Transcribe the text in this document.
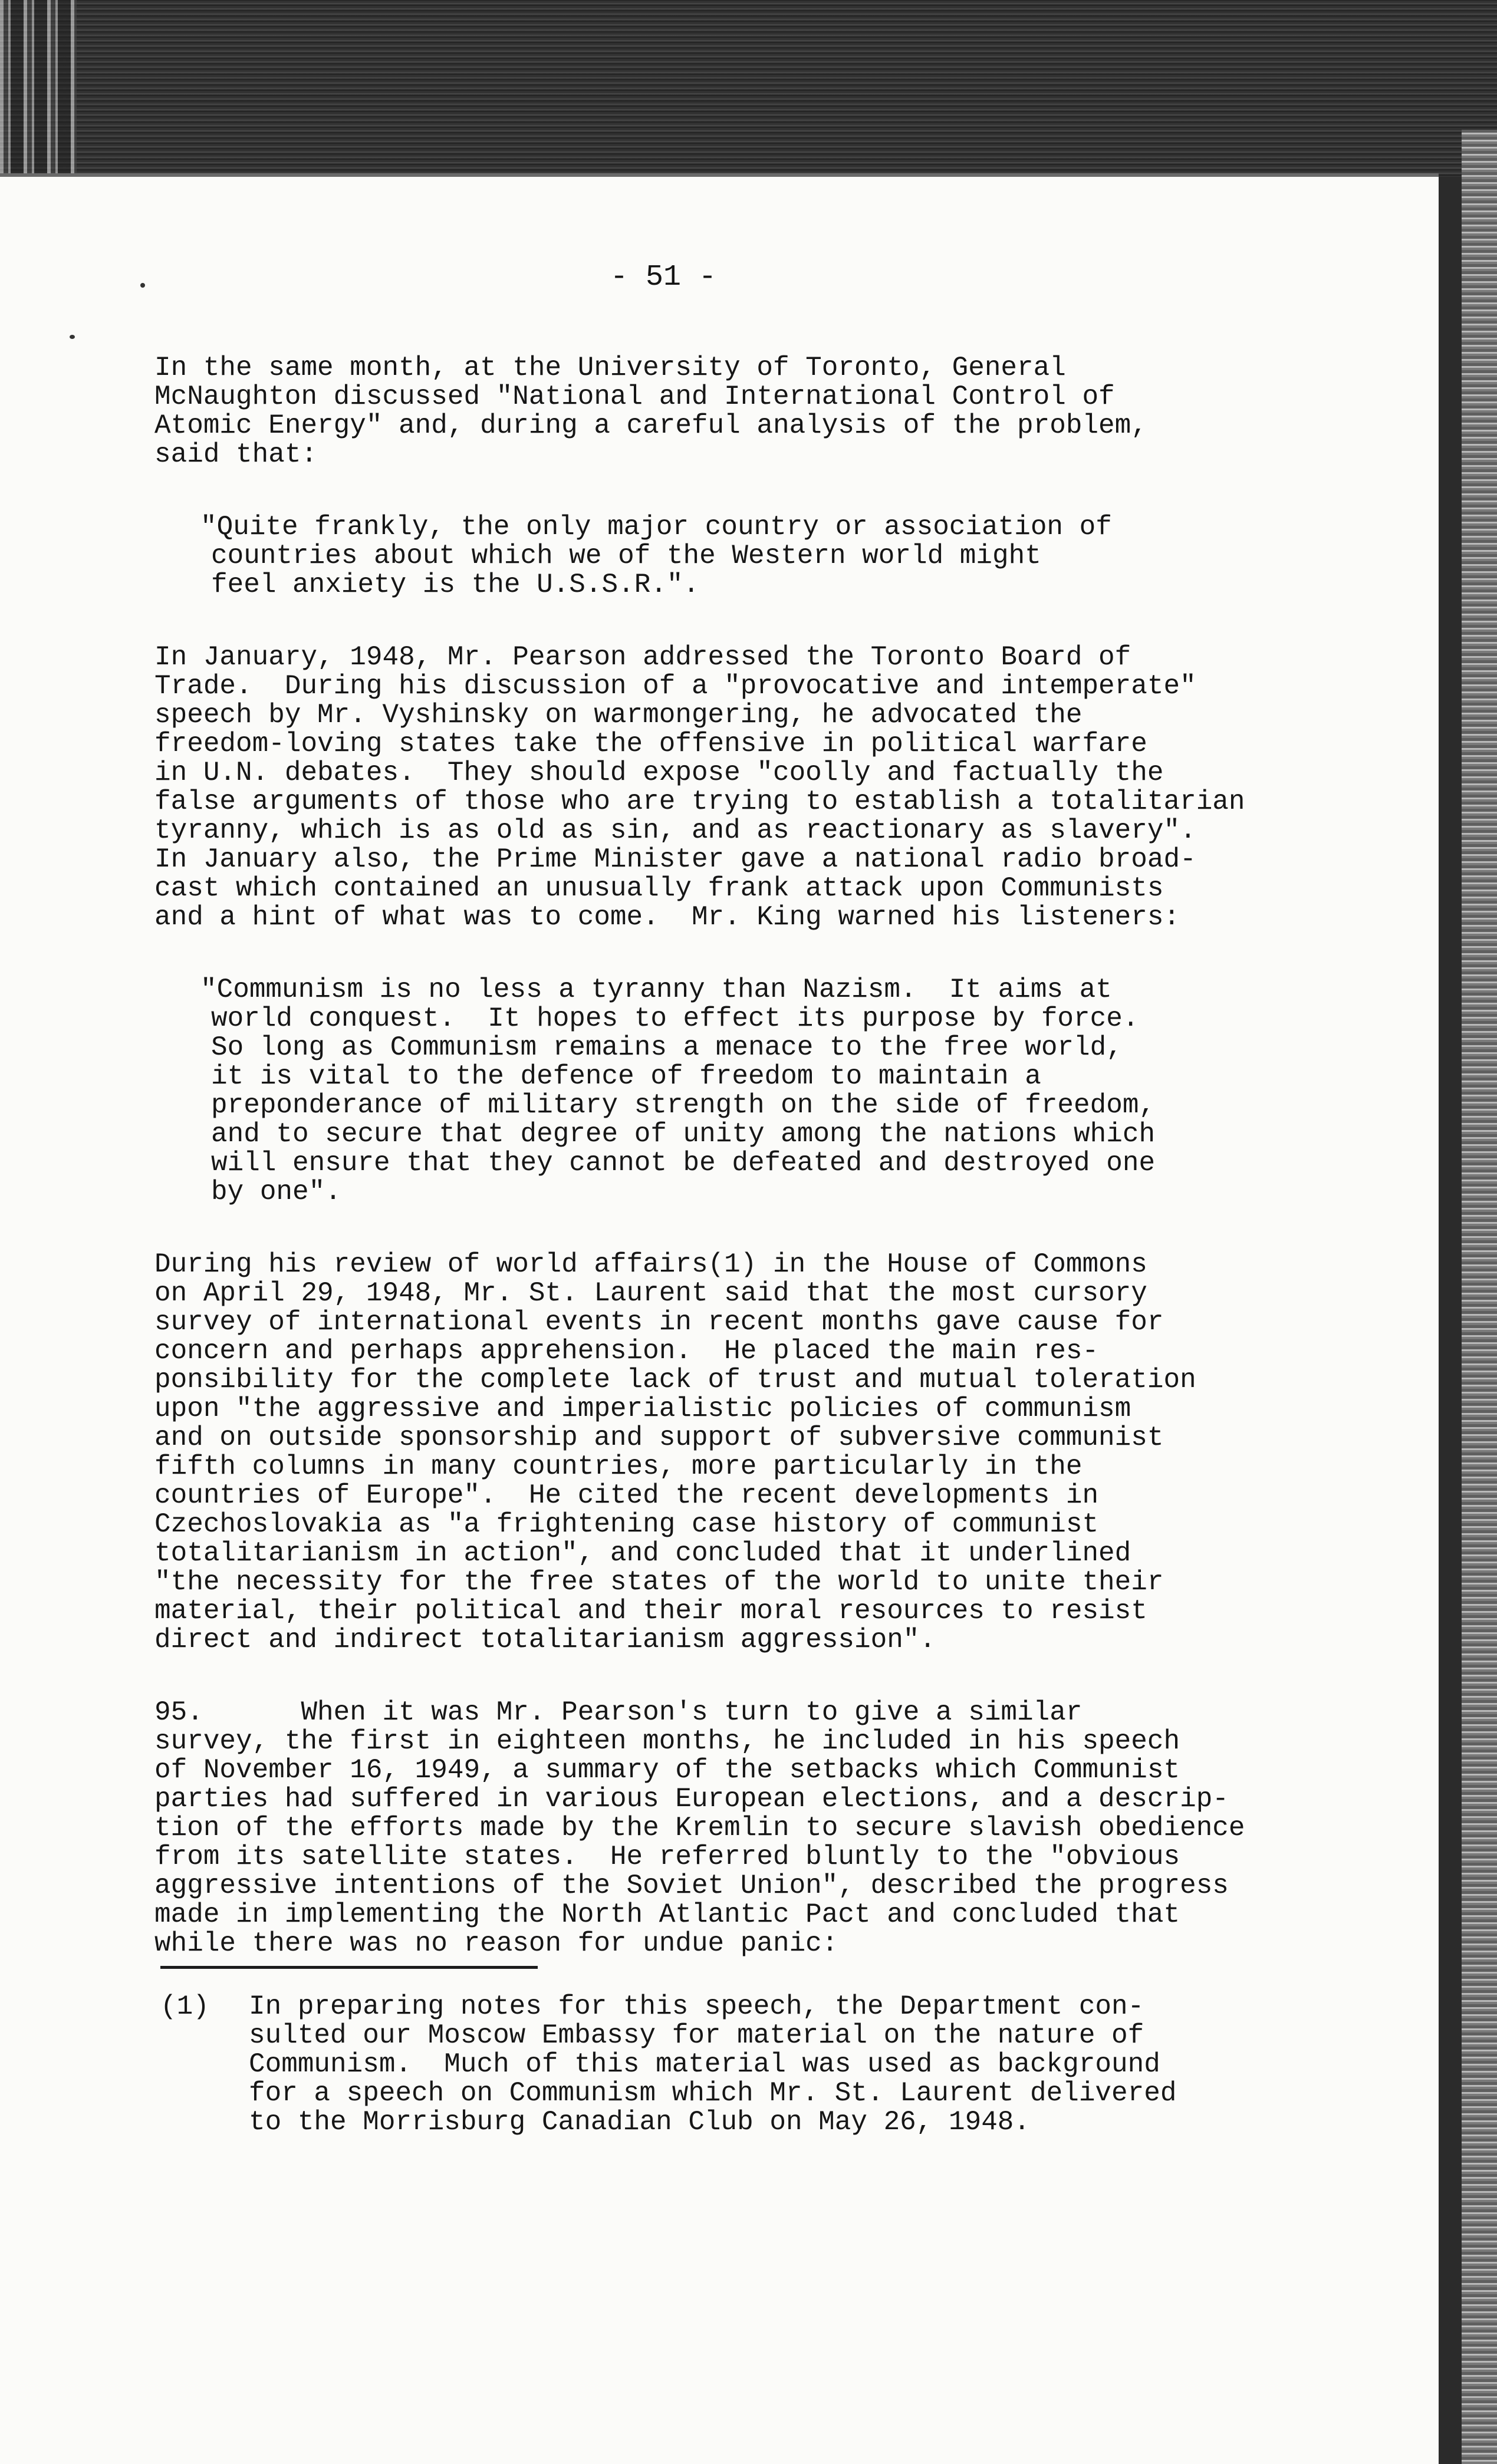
- 51 -
In the same month, at the University of Toronto, General
McNaughton discussed "National and International Control of
Atomic Energy" and, during a careful analysis of the problem,
said that:
"Quite frankly, the only major country or association of
countries about which we of the Western world might
feel anxiety is the U.S.S.R.".
In January, 1948, Mr. Pearson addressed the Toronto Board of
Trade.  During his discussion of a "provocative and intemperate"
speech by Mr. Vyshinsky on warmongering, he advocated the
freedom-loving states take the offensive in political warfare
in U.N. debates.  They should expose "coolly and factually the
false arguments of those who are trying to establish a totalitarian
tyranny, which is as old as sin, and as reactionary as slavery".
In January also, the Prime Minister gave a national radio broad-
cast which contained an unusually frank attack upon Communists
and a hint of what was to come.  Mr. King warned his listeners:
"Communism is no less a tyranny than Nazism.  It aims at
world conquest.  It hopes to effect its purpose by force.
So long as Communism remains a menace to the free world,
it is vital to the defence of freedom to maintain a
preponderance of military strength on the side of freedom,
and to secure that degree of unity among the nations which
will ensure that they cannot be defeated and destroyed one
by one".
During his review of world affairs(1) in the House of Commons
on April 29, 1948, Mr. St. Laurent said that the most cursory
survey of international events in recent months gave cause for
concern and perhaps apprehension.  He placed the main res-
ponsibility for the complete lack of trust and mutual toleration
upon "the aggressive and imperialistic policies of communism
and on outside sponsorship and support of subversive communist
fifth columns in many countries, more particularly in the
countries of Europe".  He cited the recent developments in
Czechoslovakia as "a frightening case history of communist
totalitarianism in action", and concluded that it underlined
"the necessity for the free states of the world to unite their
material, their political and their moral resources to resist
direct and indirect totalitarianism aggression".
95.      When it was Mr. Pearson's turn to give a similar
survey, the first in eighteen months, he included in his speech
of November 16, 1949, a summary of the setbacks which Communist
parties had suffered in various European elections, and a descrip-
tion of the efforts made by the Kremlin to secure slavish obedience
from its satellite states.  He referred bluntly to the "obvious
aggressive intentions of the Soviet Union", described the progress
made in implementing the North Atlantic Pact and concluded that
while there was no reason for undue panic:
(1)	In preparing notes for this speech, the Department con-
sulted our Moscow Embassy for material on the nature of
Communism.  Much of this material was used as background
for a speech on Communism which Mr. St. Laurent delivered
to the Morrisburg Canadian Club on May 26, 1948.
